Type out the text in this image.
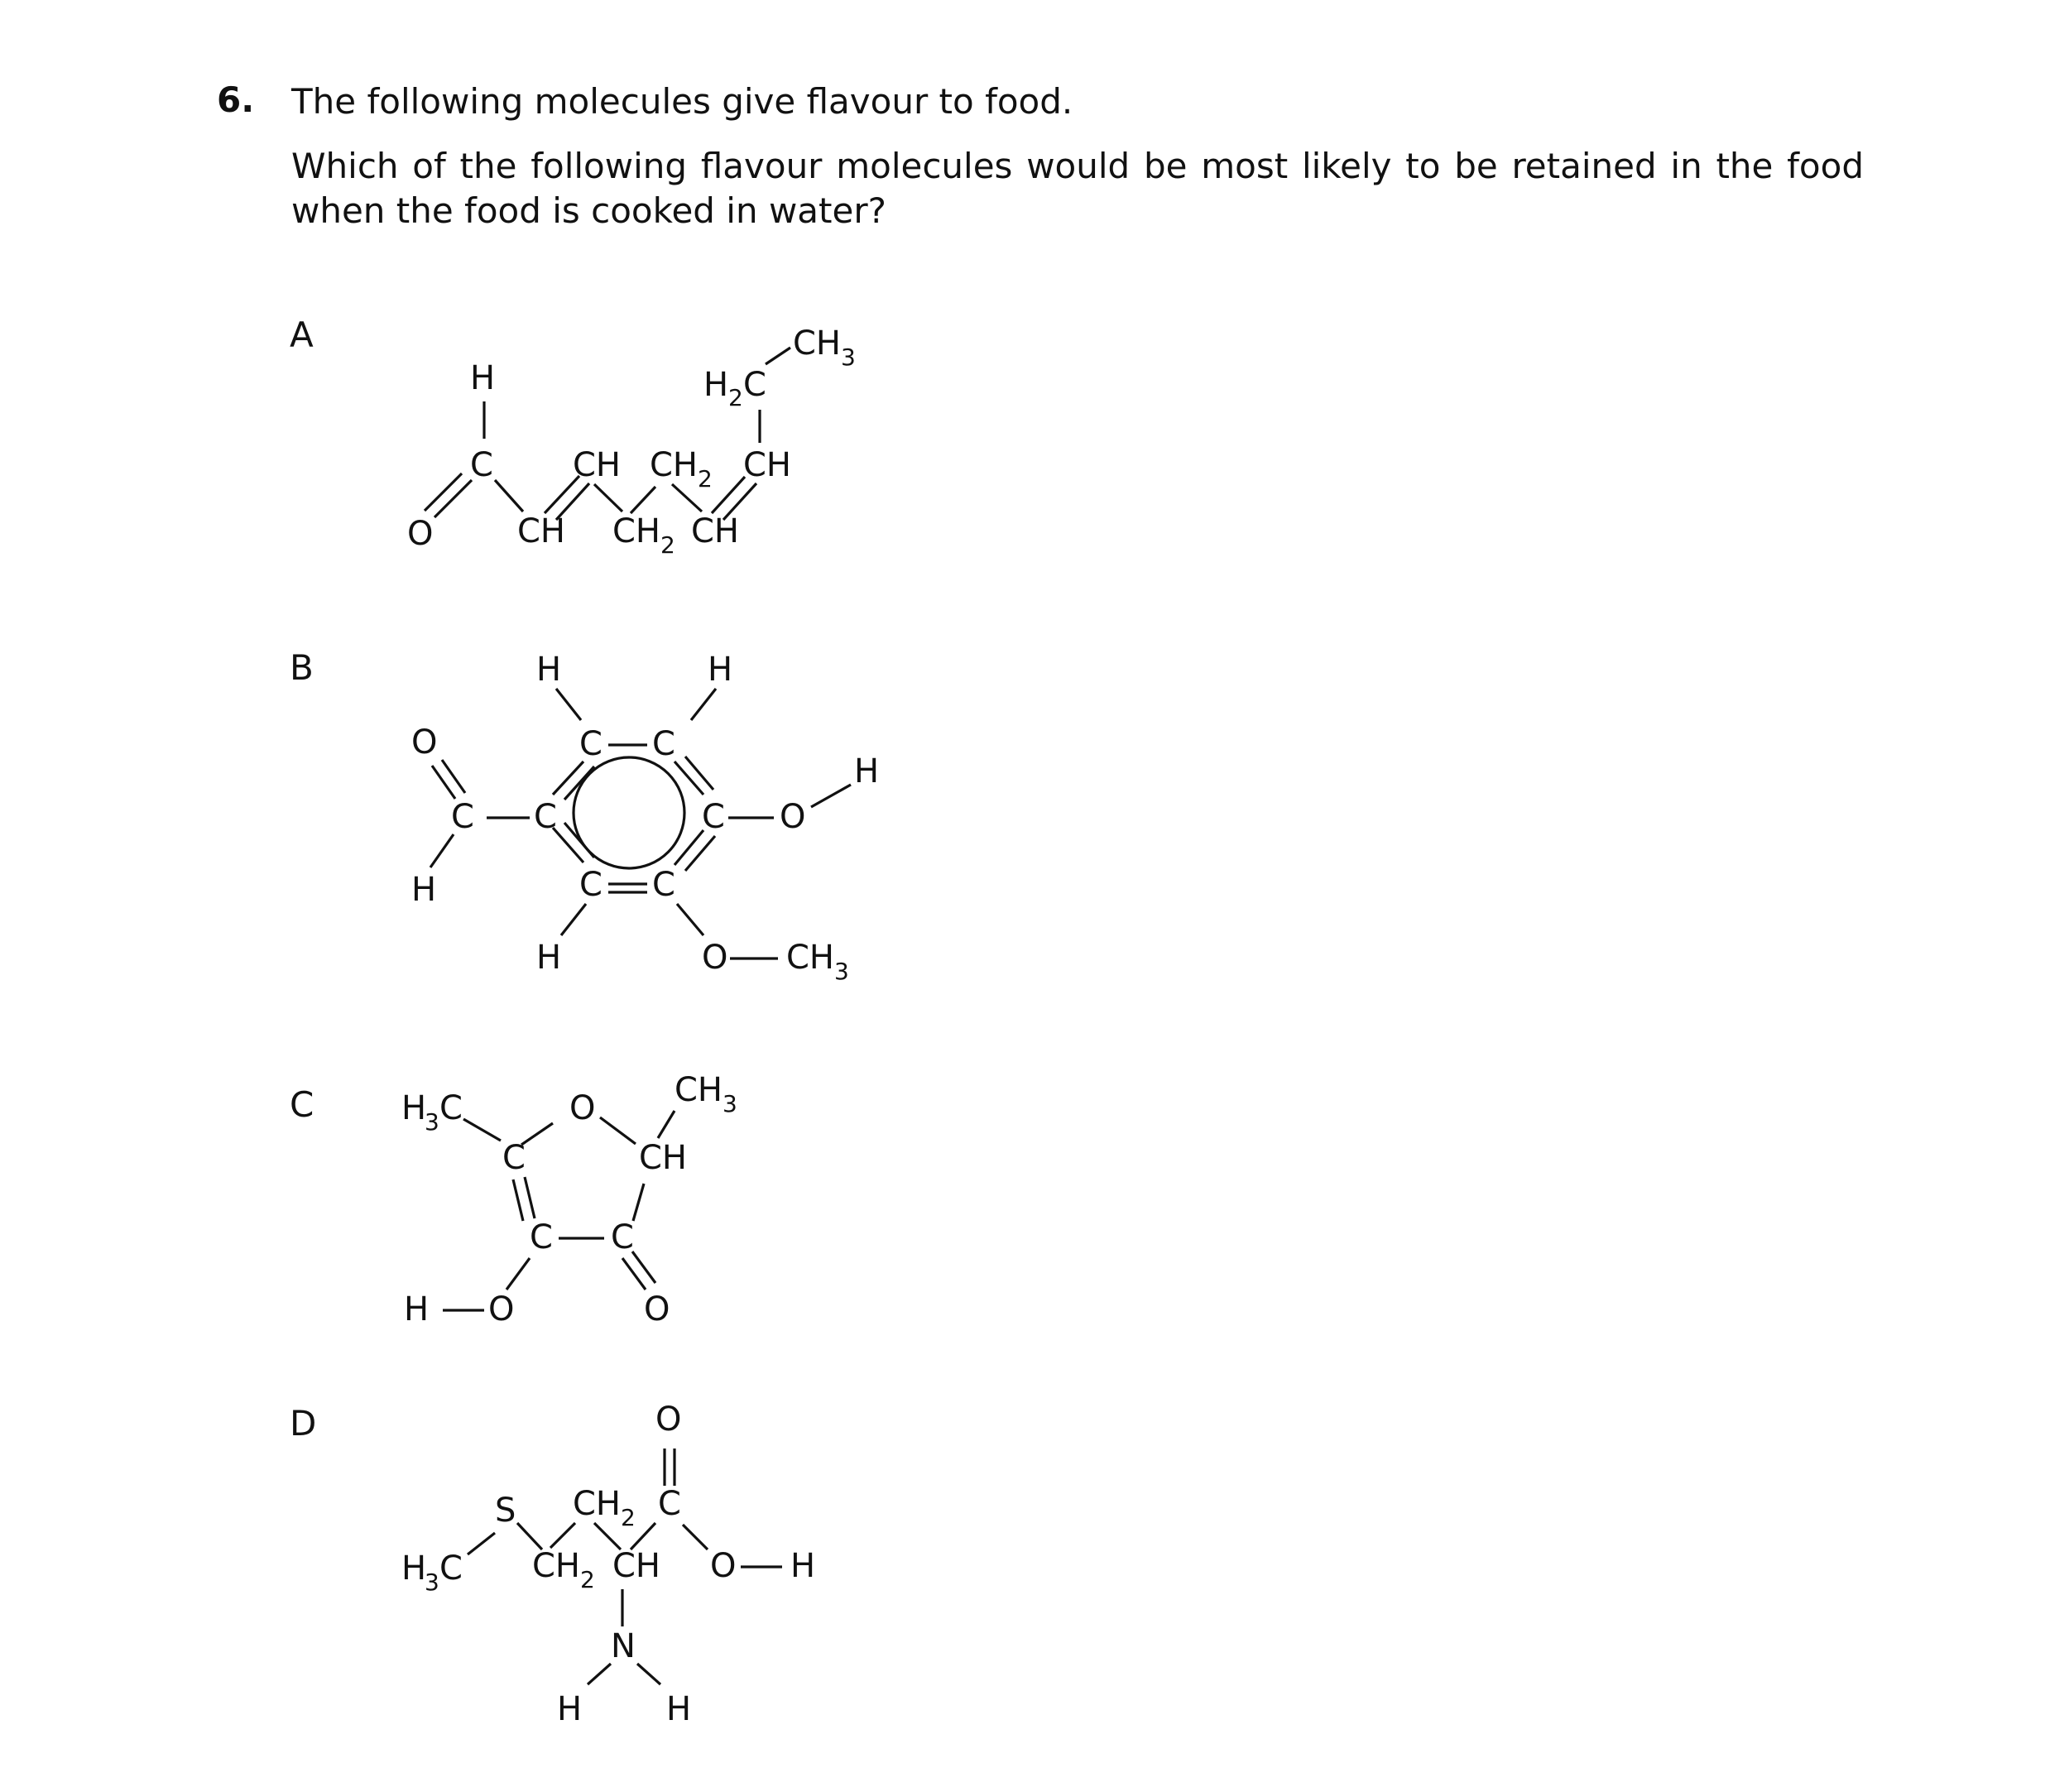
6. The following molecules give flavour to food.

Which of the following flavour molecules would be most likely to be retained in the food when the food is cooked in water?

A
B
C
D
H
C
O	CH
CH
CH 2
CH 2
CH
CH
H 2 C
CH 3
H	H
C C
C	C
C C
H	O CH 3
C
O
H
O
H
H
3 C
C
O
CH
CH 3
C C
O
O
H
H
3 C
S
CH 2
CH 2
CH
C
O
O H
N
H	H
